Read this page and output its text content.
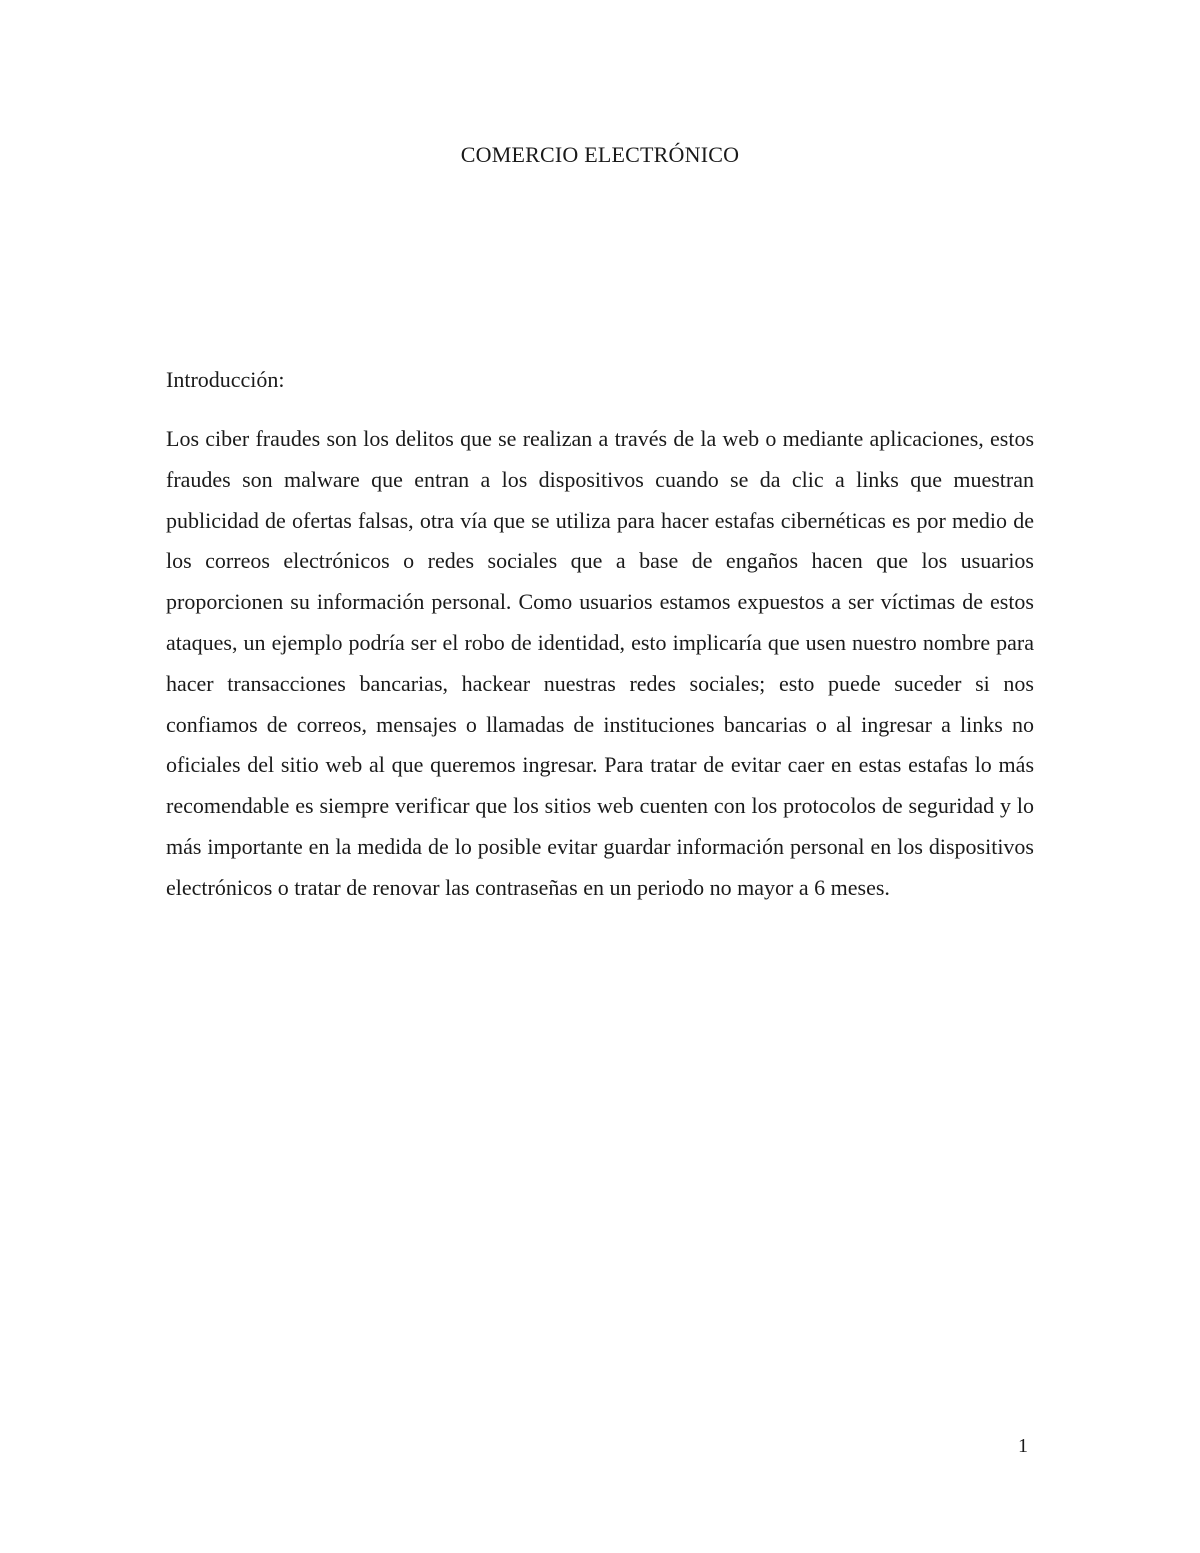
COMERCIO ELECTRÓNICO
Introducción:

Los ciber fraudes son los delitos que se realizan a través de la web o mediante aplicaciones, estos fraudes son malware que entran a los dispositivos cuando se da clic a links que muestran publicidad de ofertas falsas, otra vía que se utiliza para hacer estafas cibernéticas es por medio de los correos electrónicos o redes sociales que a base de engaños hacen que los usuarios proporcionen su información personal. Como usuarios estamos expuestos a ser víctimas de estos ataques, un ejemplo podría ser el robo de identidad, esto implicaría que usen nuestro nombre para hacer transacciones bancarias, hackear nuestras redes sociales; esto puede suceder si nos confiamos de correos, mensajes o llamadas de instituciones bancarias o al ingresar a links no oficiales del sitio web al que queremos ingresar. Para tratar de evitar caer en estas estafas lo más recomendable es siempre verificar que los sitios web cuenten con los protocolos de seguridad y lo más importante en la medida de lo posible evitar guardar información personal en los dispositivos electrónicos o tratar de renovar las contraseñas en un periodo no mayor a 6 meses.

1
